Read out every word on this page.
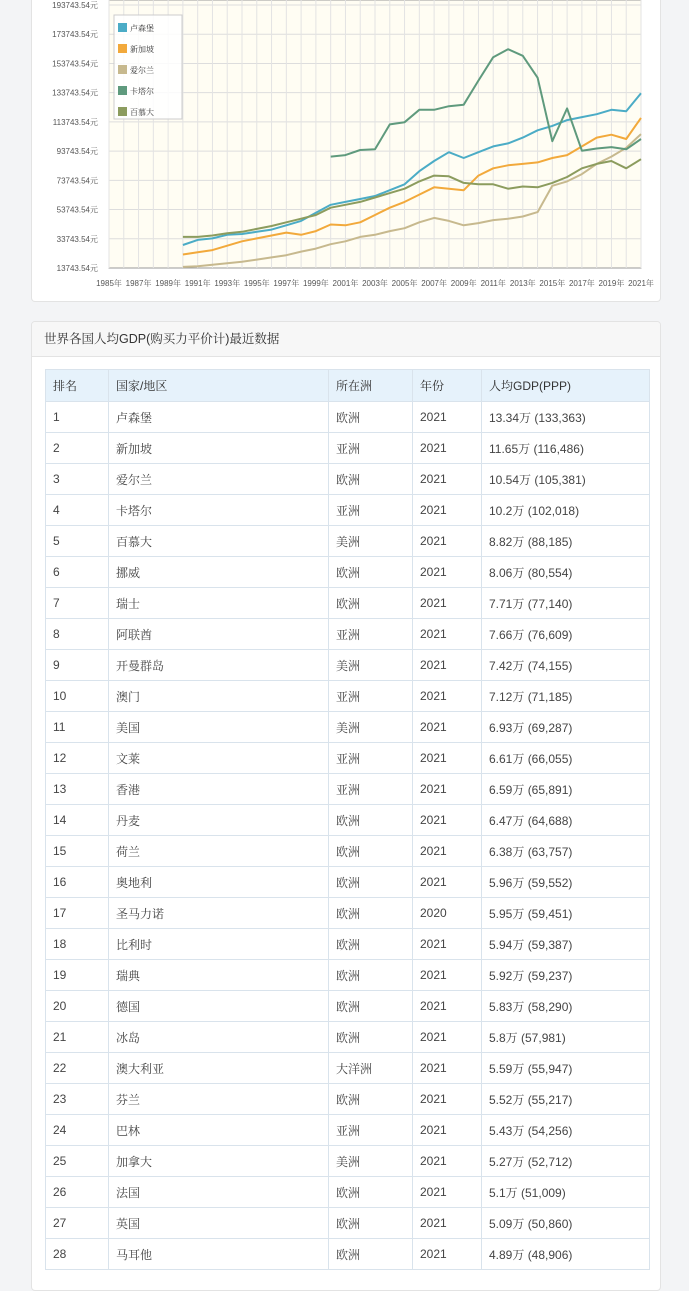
13743.54元
33743.54元
53743.54元
73743.54元
93743.54元
113743.54元
133743.54元
153743.54元
173743.54元
193743.54元
1985年 1987年 1989年 1991年 1993年 1995年 1997年 1999年 2001年 2003年 2005年 2007年 2009年 2011年 2013年 2015年 2017年 2019年 2021年
卢森堡
新加坡
爱尔兰
卡塔尔
百慕大
世界各国人均GDP(购买力平价计)最近数据
排名	国家/地区	所在洲	年份	人均GDP(PPP)
1	卢森堡	欧洲	2021	13.34万 (133,363)
2	新加坡	亚洲	2021	11.65万 (116,486)
3	爱尔兰	欧洲	2021	10.54万 (105,381)
4	卡塔尔	亚洲	2021	10.2万 (102,018)
5	百慕大	美洲	2021	8.82万 (88,185)
6	挪威	欧洲	2021	8.06万 (80,554)
7	瑞士	欧洲	2021	7.71万 (77,140)
8	阿联酋	亚洲	2021	7.66万 (76,609)
9	开曼群岛	美洲	2021	7.42万 (74,155)
10	澳门	亚洲	2021	7.12万 (71,185)
11	美国	美洲	2021	6.93万 (69,287)
12	文莱	亚洲	2021	6.61万 (66,055)
13	香港	亚洲	2021	6.59万 (65,891)
14	丹麦	欧洲	2021	6.47万 (64,688)
15	荷兰	欧洲	2021	6.38万 (63,757)
16	奥地利	欧洲	2021	5.96万 (59,552)
17	圣马力诺	欧洲	2020	5.95万 (59,451)
18	比利时	欧洲	2021	5.94万 (59,387)
19	瑞典	欧洲	2021	5.92万 (59,237)
20	德国	欧洲	2021	5.83万 (58,290)
21	冰岛	欧洲	2021	5.8万 (57,981)
22	澳大利亚	大洋洲	2021	5.59万 (55,947)
23	芬兰	欧洲	2021	5.52万 (55,217)
24	巴林	亚洲	2021	5.43万 (54,256)
25	加拿大	美洲	2021	5.27万 (52,712)
26	法国	欧洲	2021	5.1万 (51,009)
27	英国	欧洲	2021	5.09万 (50,860)
28	马耳他	欧洲	2021	4.89万 (48,906)
